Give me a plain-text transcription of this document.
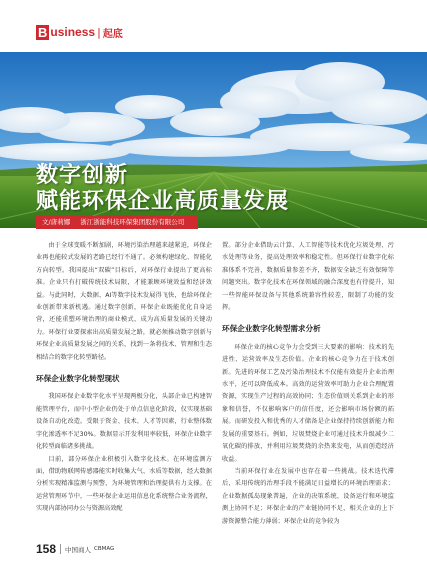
B usiness | 起底
数字创新
赋能环保企业高质量发展
文/唐莉娜 浙江浙能科技环保集团股份有限公司

由于全球变暖不断加剧，环境污染治理越来越紧迫，环保企业再也能较式发展的老路已经行不通了。必须构建绿化、智能化方向转型。我国提出“双碳”目标后，对环保行业提出了更高标准。企业只有打破传统技术局限，才能兼顾环境效益和经济效益。与此同时，大数据、AI等数字技术发展得飞快，也给环保企业创新带来新机遇。通过数字创新，环保企业既能优化自身运营，还能重塑环境治理的商业模式，成为高质量发展的关键动力。环保行业要探索出高质量发展之路，就必须推动数字创新与环保企业高质量发展之间的关系，找到一条将技术、管理和生态相结合的数字化转型路径。

环保企业数字化转型现状

我国环保企业数字化水平呈现两极分化，头部企业已构建智能管理平台，而中小型企业仍处于单点信息化阶段，仅实现基础设备自动化改造。受限于资金、技术、人才等因素，行业整体数字化渗透率不足30%。数据显示开发利用率较低，环保企业数字化转型面临诸多挑战。

目前，部分环保企业积极引入数字化技术。在环境监测方面，借助物联网传感器能实时收集大气、水质等数据，经大数据分析实现精准监测与预警，为环境管理和治理提供有力支撑。在运营管理环节中，一些环保企业运用信息化系统整合业务流程，实现内部协同办公与资源高效配

置。部分企业借助云计算、人工智能等技术优化垃圾处理、污水处理等业务，提高处理效率和稳定性。但环保行业数字化标准体系不完善，数据质量参差不齐，数据安全缺乏有效保障等问题突出。数字化技术在环保领域的融合深度也有待提升，知一些智能环保设备与其他系统兼容性较差，限制了功能的发挥。

环保企业数字化转型需求分析

环保企业的核心竞争力会受到三大要素的影响：技术的先进性、运营效率及生态价值。企业的核心竞争力在于技术创新。先进的环保工艺及污染治理技术不仅能有效提升企业治理水平，还可以降低成本。高效的运营效率可助力企业合理配置资源，实现生产过程的高效协同；生态价值则关系到企业的形象和信誉，不仅影响客户的信任度，还会影响市场份额的拓展。而研发投入和优秀的人才储备是企业保持持续创新能力和发展的重要基石。例如，垃圾焚烧企业可通过技术升级减少二氧化碳的排放，并利用垃圾焚烧的余热来发电，从而创造经济收益。

当前环保行业在发展中也存在着一些挑战。技术迭代滞后，采用传统的治理手段不能满足日益增长的环境治理需求；企业数据孤岛现象普遍，企业的决策系统、设备运行和环境监测上协同不足；环保企业的产业链协同不足，相关企业的上下游资源整合能力薄弱；环保企业的竞争较为

158 中国商人 CBMAG
